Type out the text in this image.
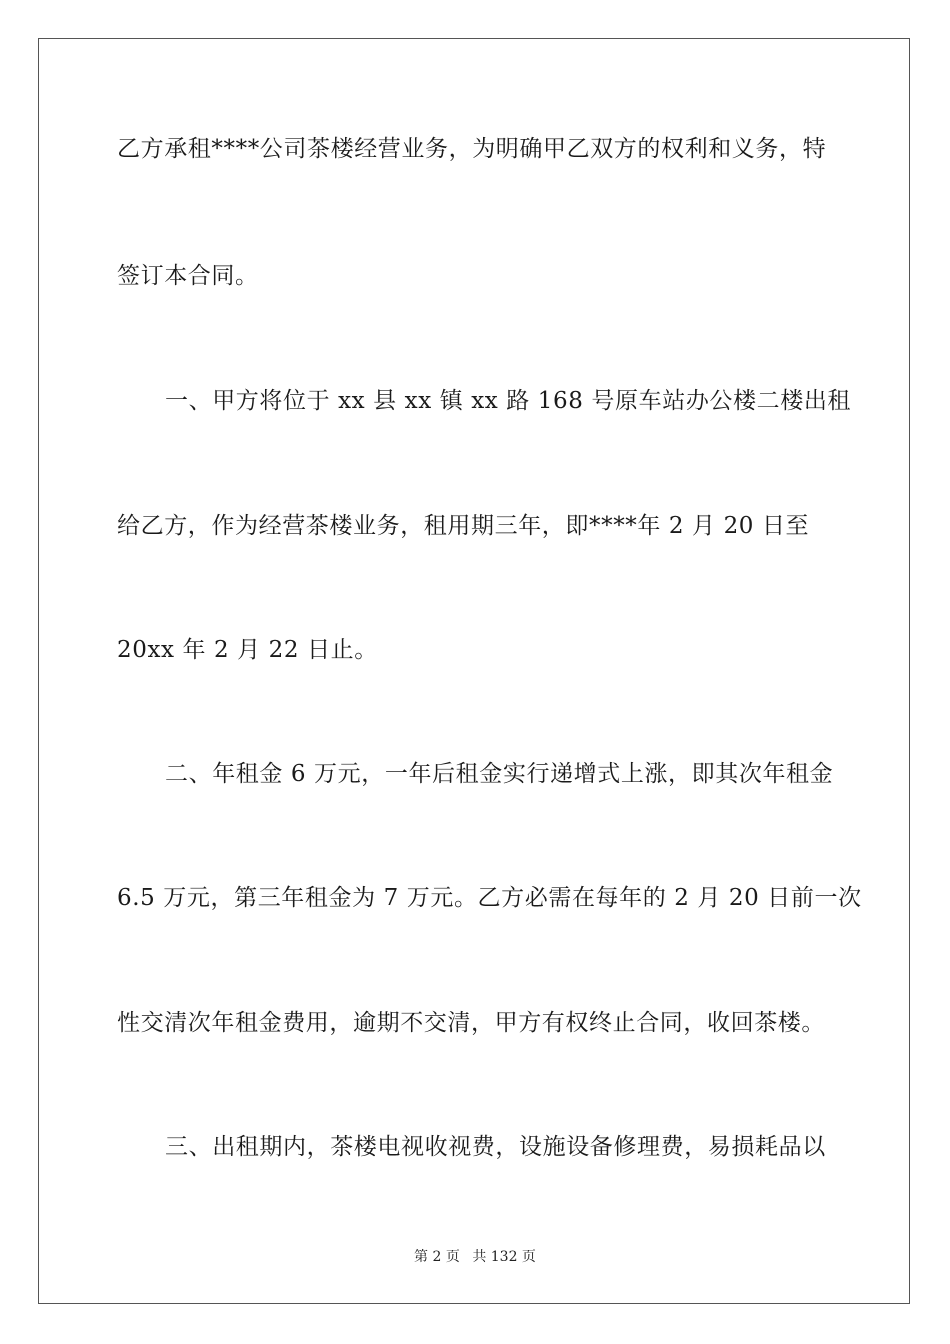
乙方承租****公司茶楼经营业务，为明确甲乙双方的权利和义务，特
签订本合同。
一、甲方将位于 xx 县 xx 镇 xx 路 168 号原车站办公楼二楼出租
给乙方，作为经营茶楼业务，租用期三年，即****年 2 月 20 日至
20xx 年 2 月 22 日止。
二、年租金 6 万元，一年后租金实行递增式上涨，即其次年租金
6.5 万元，第三年租金为 7 万元。乙方必需在每年的 2 月 20 日前一次
性交清次年租金费用，逾期不交清，甲方有权终止合同，收回茶楼。
三、出租期内，茶楼电视收视费，设施设备修理费，易损耗品以
第 2 页 共 132 页
